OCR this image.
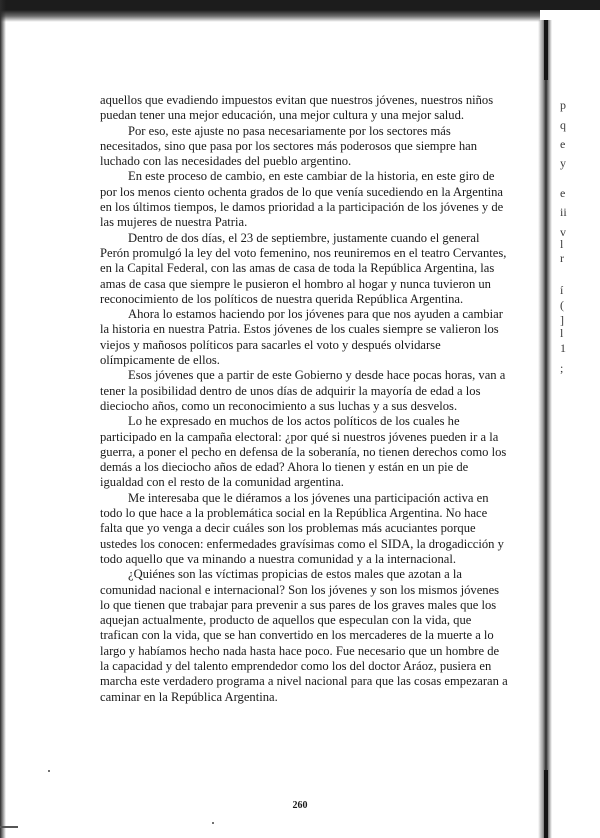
p
q
e
y
e
ii
v
l
r
í
(
]
l
1
;

aquellos que evadiendo impuestos evitan que nuestros jóvenes, nuestros niños puedan tener una mejor educación, una mejor cultura y una mejor salud.

Por eso, este ajuste no pasa necesariamente por los sectores más necesitados, sino que pasa por los sectores más poderosos que siempre han luchado con las necesidades del pueblo argentino.

En este proceso de cambio, en este cambiar de la historia, en este giro de por los menos ciento ochenta grados de lo que venía sucediendo en la Argentina en los últimos tiempos, le damos prioridad a la participación de los jóvenes y de las mujeres de nuestra Patria.

Dentro de dos días, el 23 de septiembre, justamente cuando el general Perón promulgó la ley del voto femenino, nos reuniremos en el teatro Cervantes, en la Capital Federal, con las amas de casa de toda la República Argentina, las amas de casa que siempre le pusieron el hombro al hogar y nunca tuvieron un reconocimiento de los políticos de nuestra querida República Argentina.

Ahora lo estamos haciendo por los jóvenes para que nos ayuden a cambiar la historia en nuestra Patria. Estos jóvenes de los cuales siempre se valieron los viejos y mañosos políticos para sacarles el voto y después olvidarse olímpicamente de ellos.

Esos jóvenes que a partir de este Gobierno y desde hace pocas horas, van a tener la posibilidad dentro de unos días de adquirir la mayoría de edad a los dieciocho años, como un reconocimiento a sus luchas y a sus desvelos.

Lo he expresado en muchos de los actos políticos de los cuales he participado en la campaña electoral: ¿por qué si nuestros jóvenes pueden ir a la guerra, a poner el pecho en defensa de la soberanía, no tienen derechos como los demás a los dieciocho años de edad? Ahora lo tienen y están en un pie de igualdad con el resto de la comunidad argentina.

Me interesaba que le diéramos a los jóvenes una participación activa en todo lo que hace a la problemática social en la República Argentina. No hace falta que yo venga a decir cuáles son los problemas más acuciantes porque ustedes los conocen: enfermedades gravísimas como el SIDA, la drogadicción y todo aquello que va minando a nuestra comunidad y a la internacional.

¿Quiénes son las víctimas propicias de estos males que azotan a la comunidad nacional e internacional? Son los jóvenes y son los mismos jóvenes lo que tienen que trabajar para prevenir a sus pares de los graves males que los aquejan actualmente, producto de aquellos que especulan con la vida, que trafican con la vida, que se han convertido en los mercaderes de la muerte a lo largo y habíamos hecho nada hasta hace poco. Fue necesario que un hombre de la capacidad y del talento emprendedor como los del doctor Aráoz, pusiera en marcha este verdadero programa a nivel nacional para que las cosas empezaran a caminar en la República Argentina.

260
